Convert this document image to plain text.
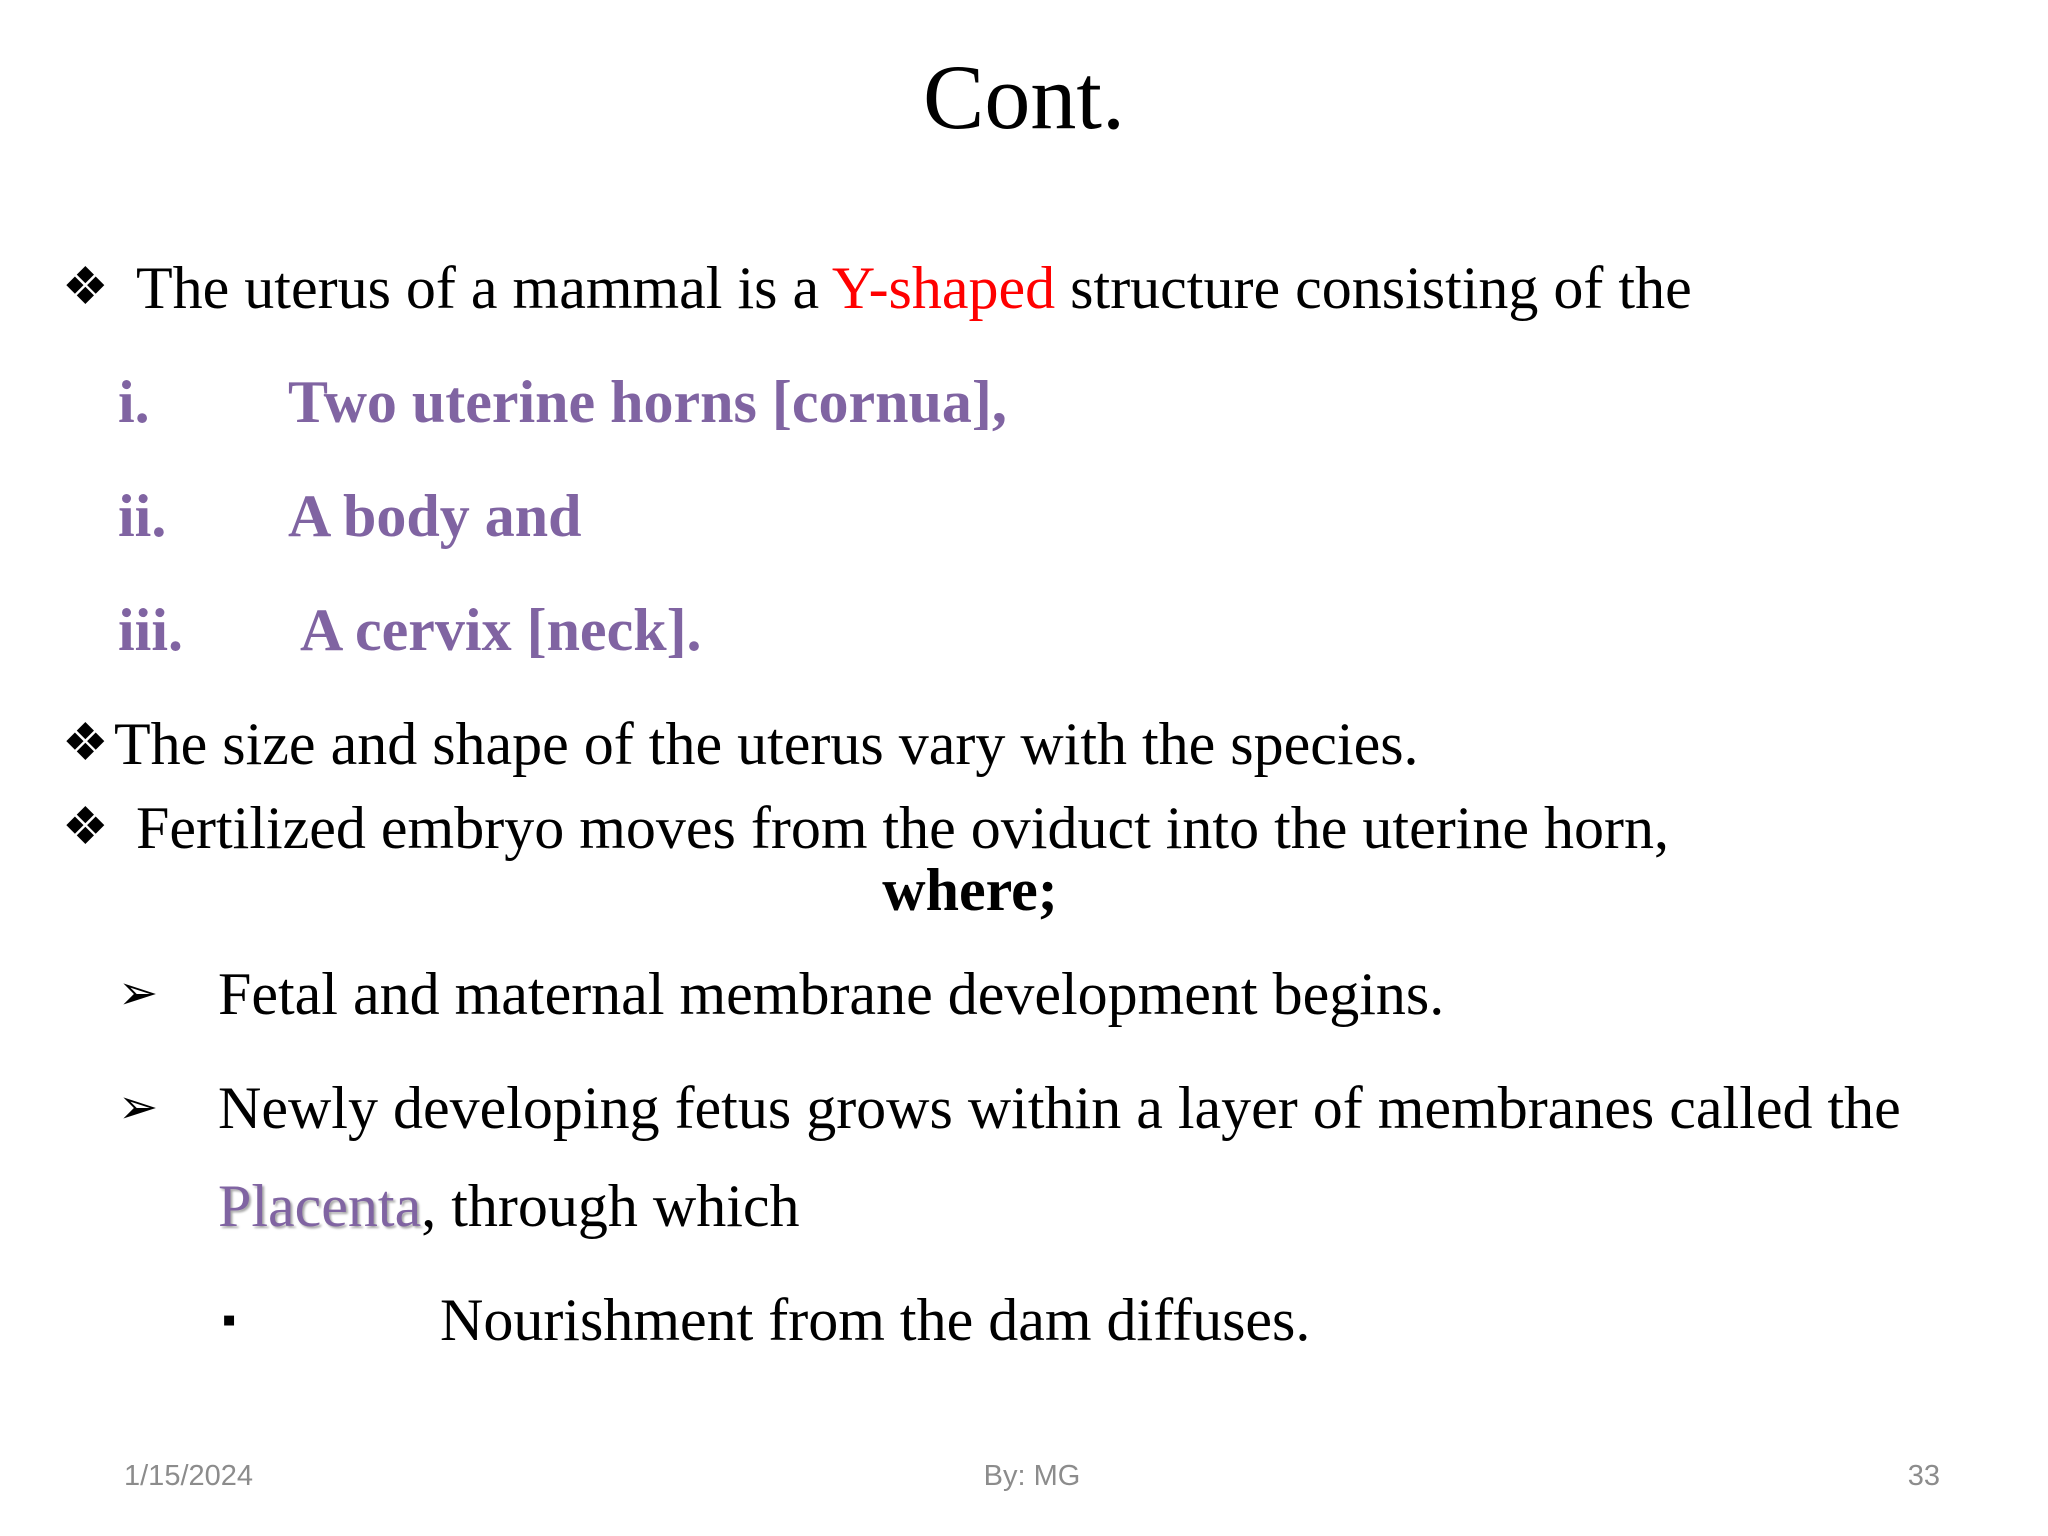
Cont.
❖ The uterus of a mammal is a Y-shaped structure consisting of the
i. Two uterine horns [cornua],
ii. A body and
iii. A cervix [neck].
❖The size and shape of the uterus vary with the species.
❖ Fertilized embryo moves from the oviduct into the uterine horn,
where;
➢ Fetal and maternal membrane development begins.
➢ Newly developing fetus grows within a layer of membranes called the
Placenta, through which
▪	Nourishment from the dam diffuses.
1/15/2024	By: MG	33
